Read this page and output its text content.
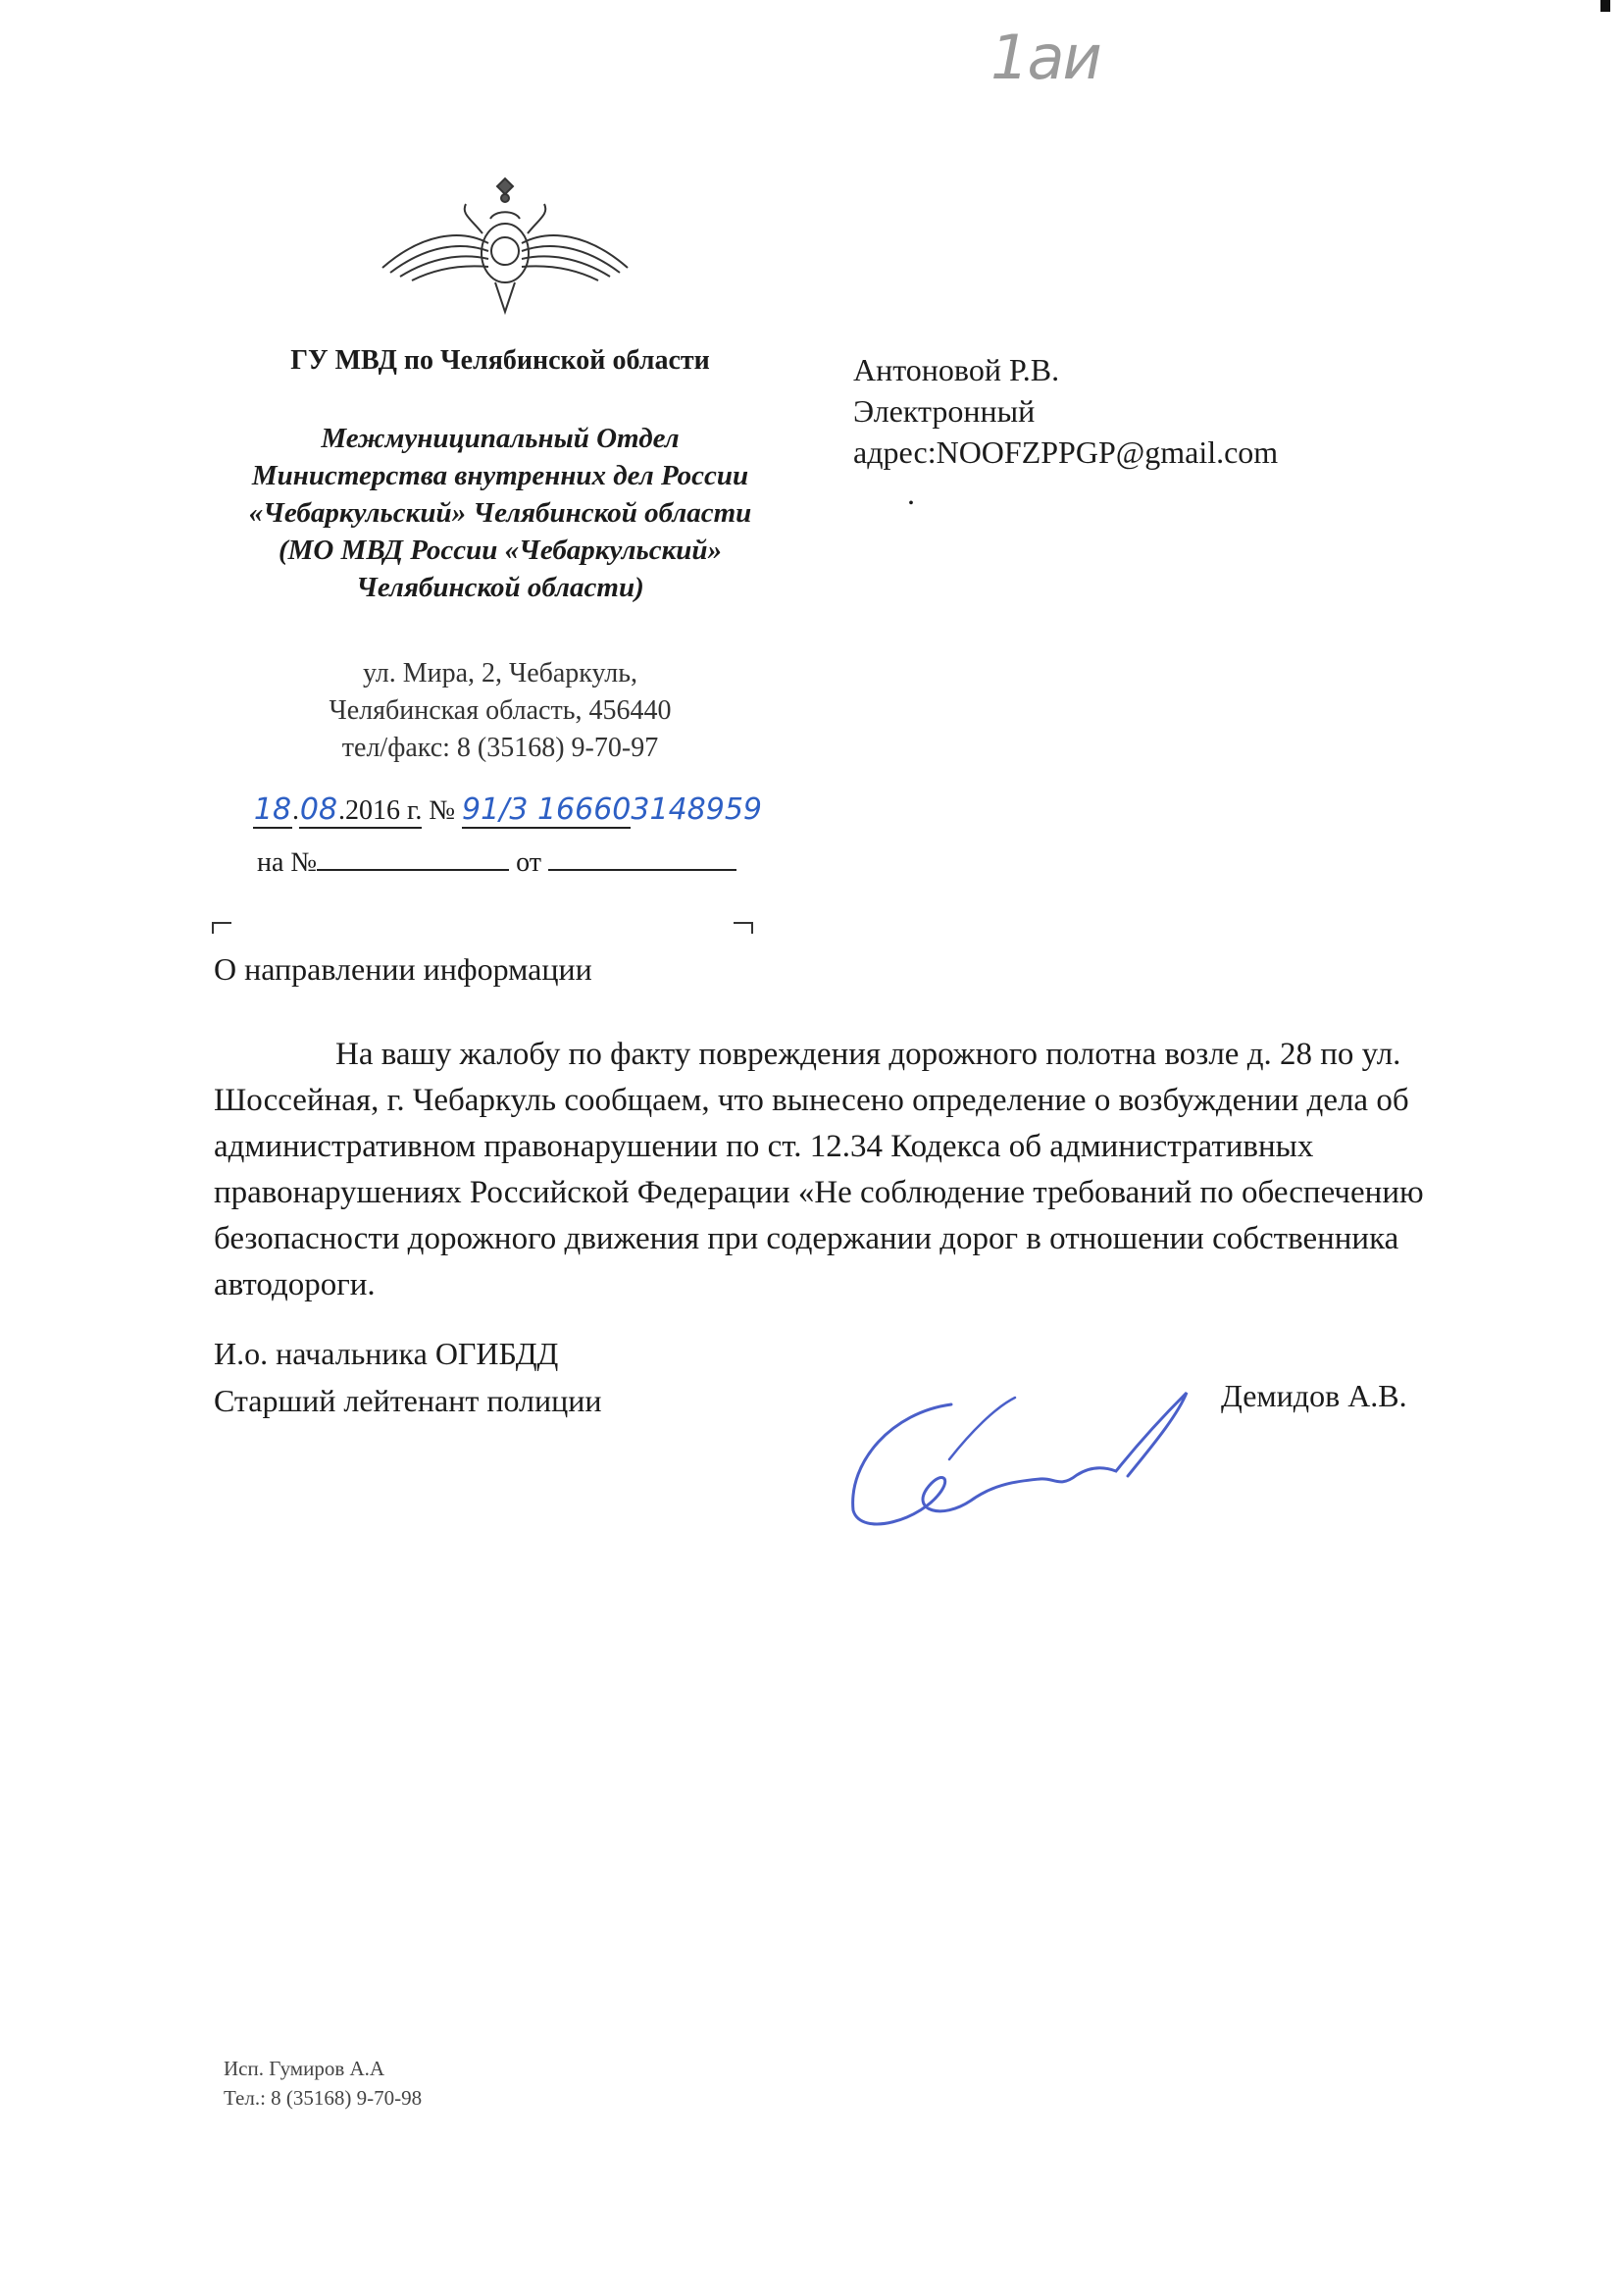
1аи
ГУ МВД по Челябинской области
Межмуниципальный Отдел
Министерства внутренних дел России
«Чебаркульский» Челябинской области
(МО МВД России «Чебаркульский»
Челябинской области)
ул. Мира, 2, Чебаркуль,
Челябинская область, 456440
тел/факс: 8 (35168) 9-70-97
Антоновой Р.В.
Электронный
адрес:NOOFZPPGP@gmail.com
.
18.08.2016 г. № 91/3 166603148959
на №	от
О направлении информации

На вашу жалобу по факту повреждения дорожного полотна возле д. 28 по ул. Шоссейная, г. Чебаркуль сообщаем, что вынесено определение о возбуждении дела об административном правонарушении по ст. 12.34 Кодекса об административных правонарушениях Российской Федерации «Не соблюдение требований по обеспечению безопасности дорожного движения при содержании дорог в отношении собственника автодороги.

И.о. начальника ОГИБДД
Старший лейтенант полиции	Демидов А.В.
Исп. Гумиров А.А
Тел.: 8 (35168) 9-70-98
